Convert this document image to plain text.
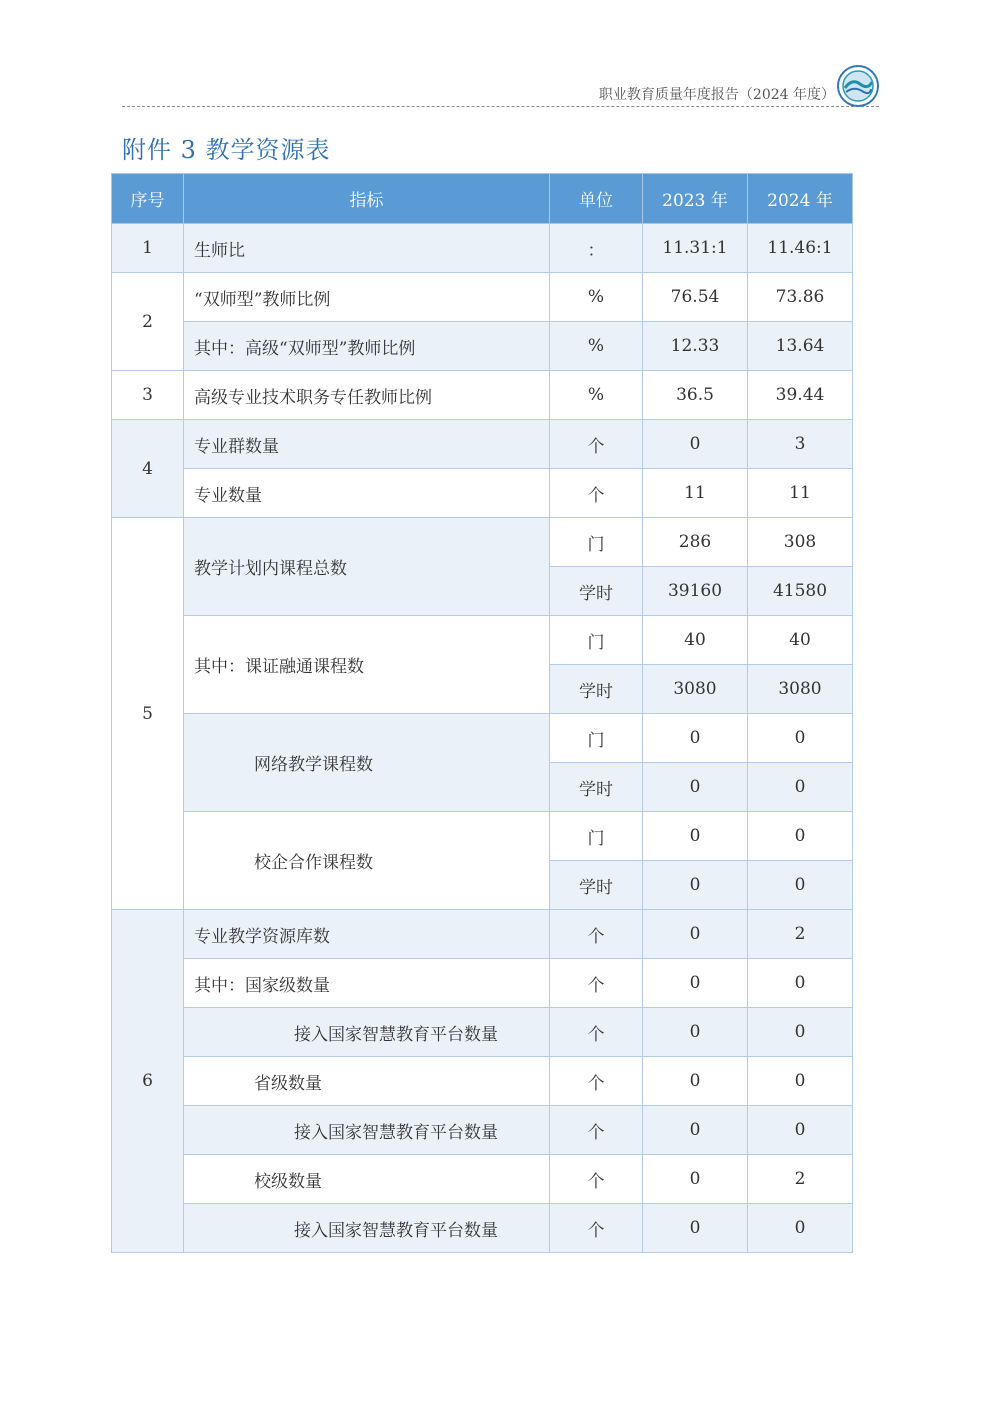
职业教育质量年度报告（2024 年度）
附件 3 教学资源表
序号	指标	单位	2023 年	2024 年
1	生师比	：	11.31:1	11.46:1
2	“双师型”教师比例	%	76.54	73.86
	其中：高级“双师型”教师比例	%	12.33	13.64
3	高级专业技术职务专任教师比例	%	36.5	39.44
4	专业群数量	个	0	3
	专业数量	个	11	11
5	教学计划内课程总数	门	286	308
		学时	39160	41580
	其中：课证融通课程数	门	40	40
		学时	3080	3080
	网络教学课程数	门	0	0
		学时	0	0
	校企合作课程数	门	0	0
		学时	0	0
6	专业教学资源库数	个	0	2
	其中：国家级数量	个	0	0
	接入国家智慧教育平台数量	个	0	0
	省级数量	个	0	0
	接入国家智慧教育平台数量	个	0	0
	校级数量	个	0	2
	接入国家智慧教育平台数量	个	0	0
